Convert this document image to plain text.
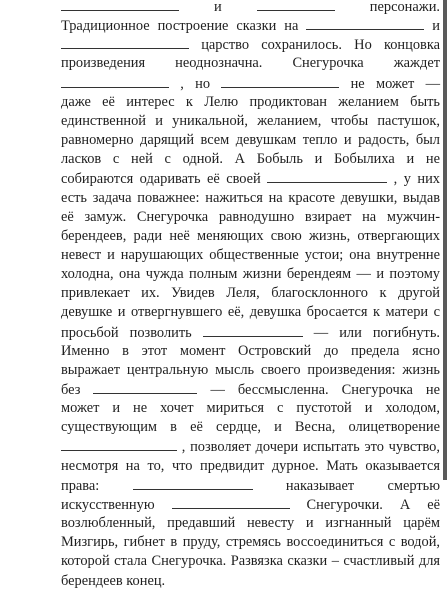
и	персонажи.
Традиционное построение сказки на	и
царство сохранилось. Но концовка
произведения неоднозначна. Снегурочка жаждет
, но	не может —
даже её интерес к Лелю продиктован желанием быть
единственной и уникальной, желанием, чтобы пастушок,
равномерно дарящий всем девушкам тепло и радость, был
ласков с ней с одной. А Бобыль и Бобылиха и не
собираются одаривать её своей	, у них
есть задача поважнее: нажиться на красоте девушки, выдав
её замуж. Снегурочка равнодушно взирает на мужчин-
берендеев, ради неё меняющих свою жизнь, отвергающих
невест и нарушающих общественные устои; она внутренне
холодна, она чужда полным жизни берендеям — и поэтому
привлекает их. Увидев Леля, благосклонного к другой
девушке и отвергнувшего её, девушка бросается к матери с
просьбой позволить	— или погибнуть.
Именно в этот момент Островский до предела ясно
выражает центральную мысль своего произведения: жизнь
без	— бессмысленна. Снегурочка не
может и не хочет мириться с пустотой и холодом,
существующим в её сердце, и Весна, олицетворение
, позволяет дочери испытать это чувство,
несмотря на то, что предвидит дурное. Мать оказывается
права:	наказывает смертью
искусственную	Снегурочки. А её
возлюбленный, предавший невесту и изгнанный царём
Мизгирь, гибнет в пруду, стремясь воссоединиться с водой,
которой стала Снегурочка. Развязка сказки – счастливый для
берендеев конец.
